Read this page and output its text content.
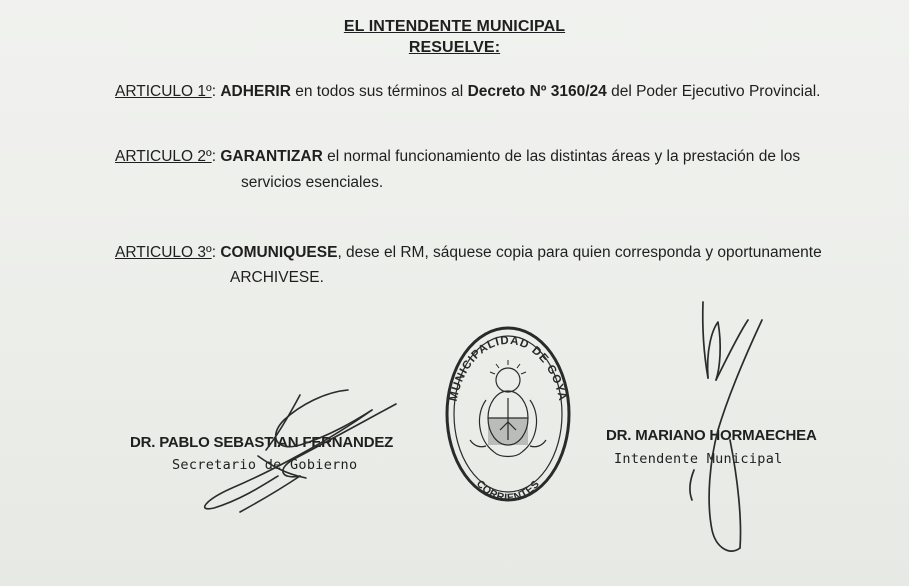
EL INTENDENTE MUNICIPAL
RESUELVE:
ARTICULO 1º: ADHERIR en todos sus términos al Decreto Nº 3160/24 del Poder Ejecutivo Provincial.
ARTICULO 2º: GARANTIZAR el normal funcionamiento de las distintas áreas y la prestación de los
servicios esenciales.
ARTICULO 3º: COMUNIQUESE, dese el RM, sáquese copia para quien corresponda y oportunamente
ARCHIVESE.
DR. PABLO SEBASTIAN FERNANDEZ
Secretario de Gobierno
DR. MARIANO HORMAECHEA
Intendente Municipal
MUNICIPALIDAD DE GOYA
CORRIENTES
